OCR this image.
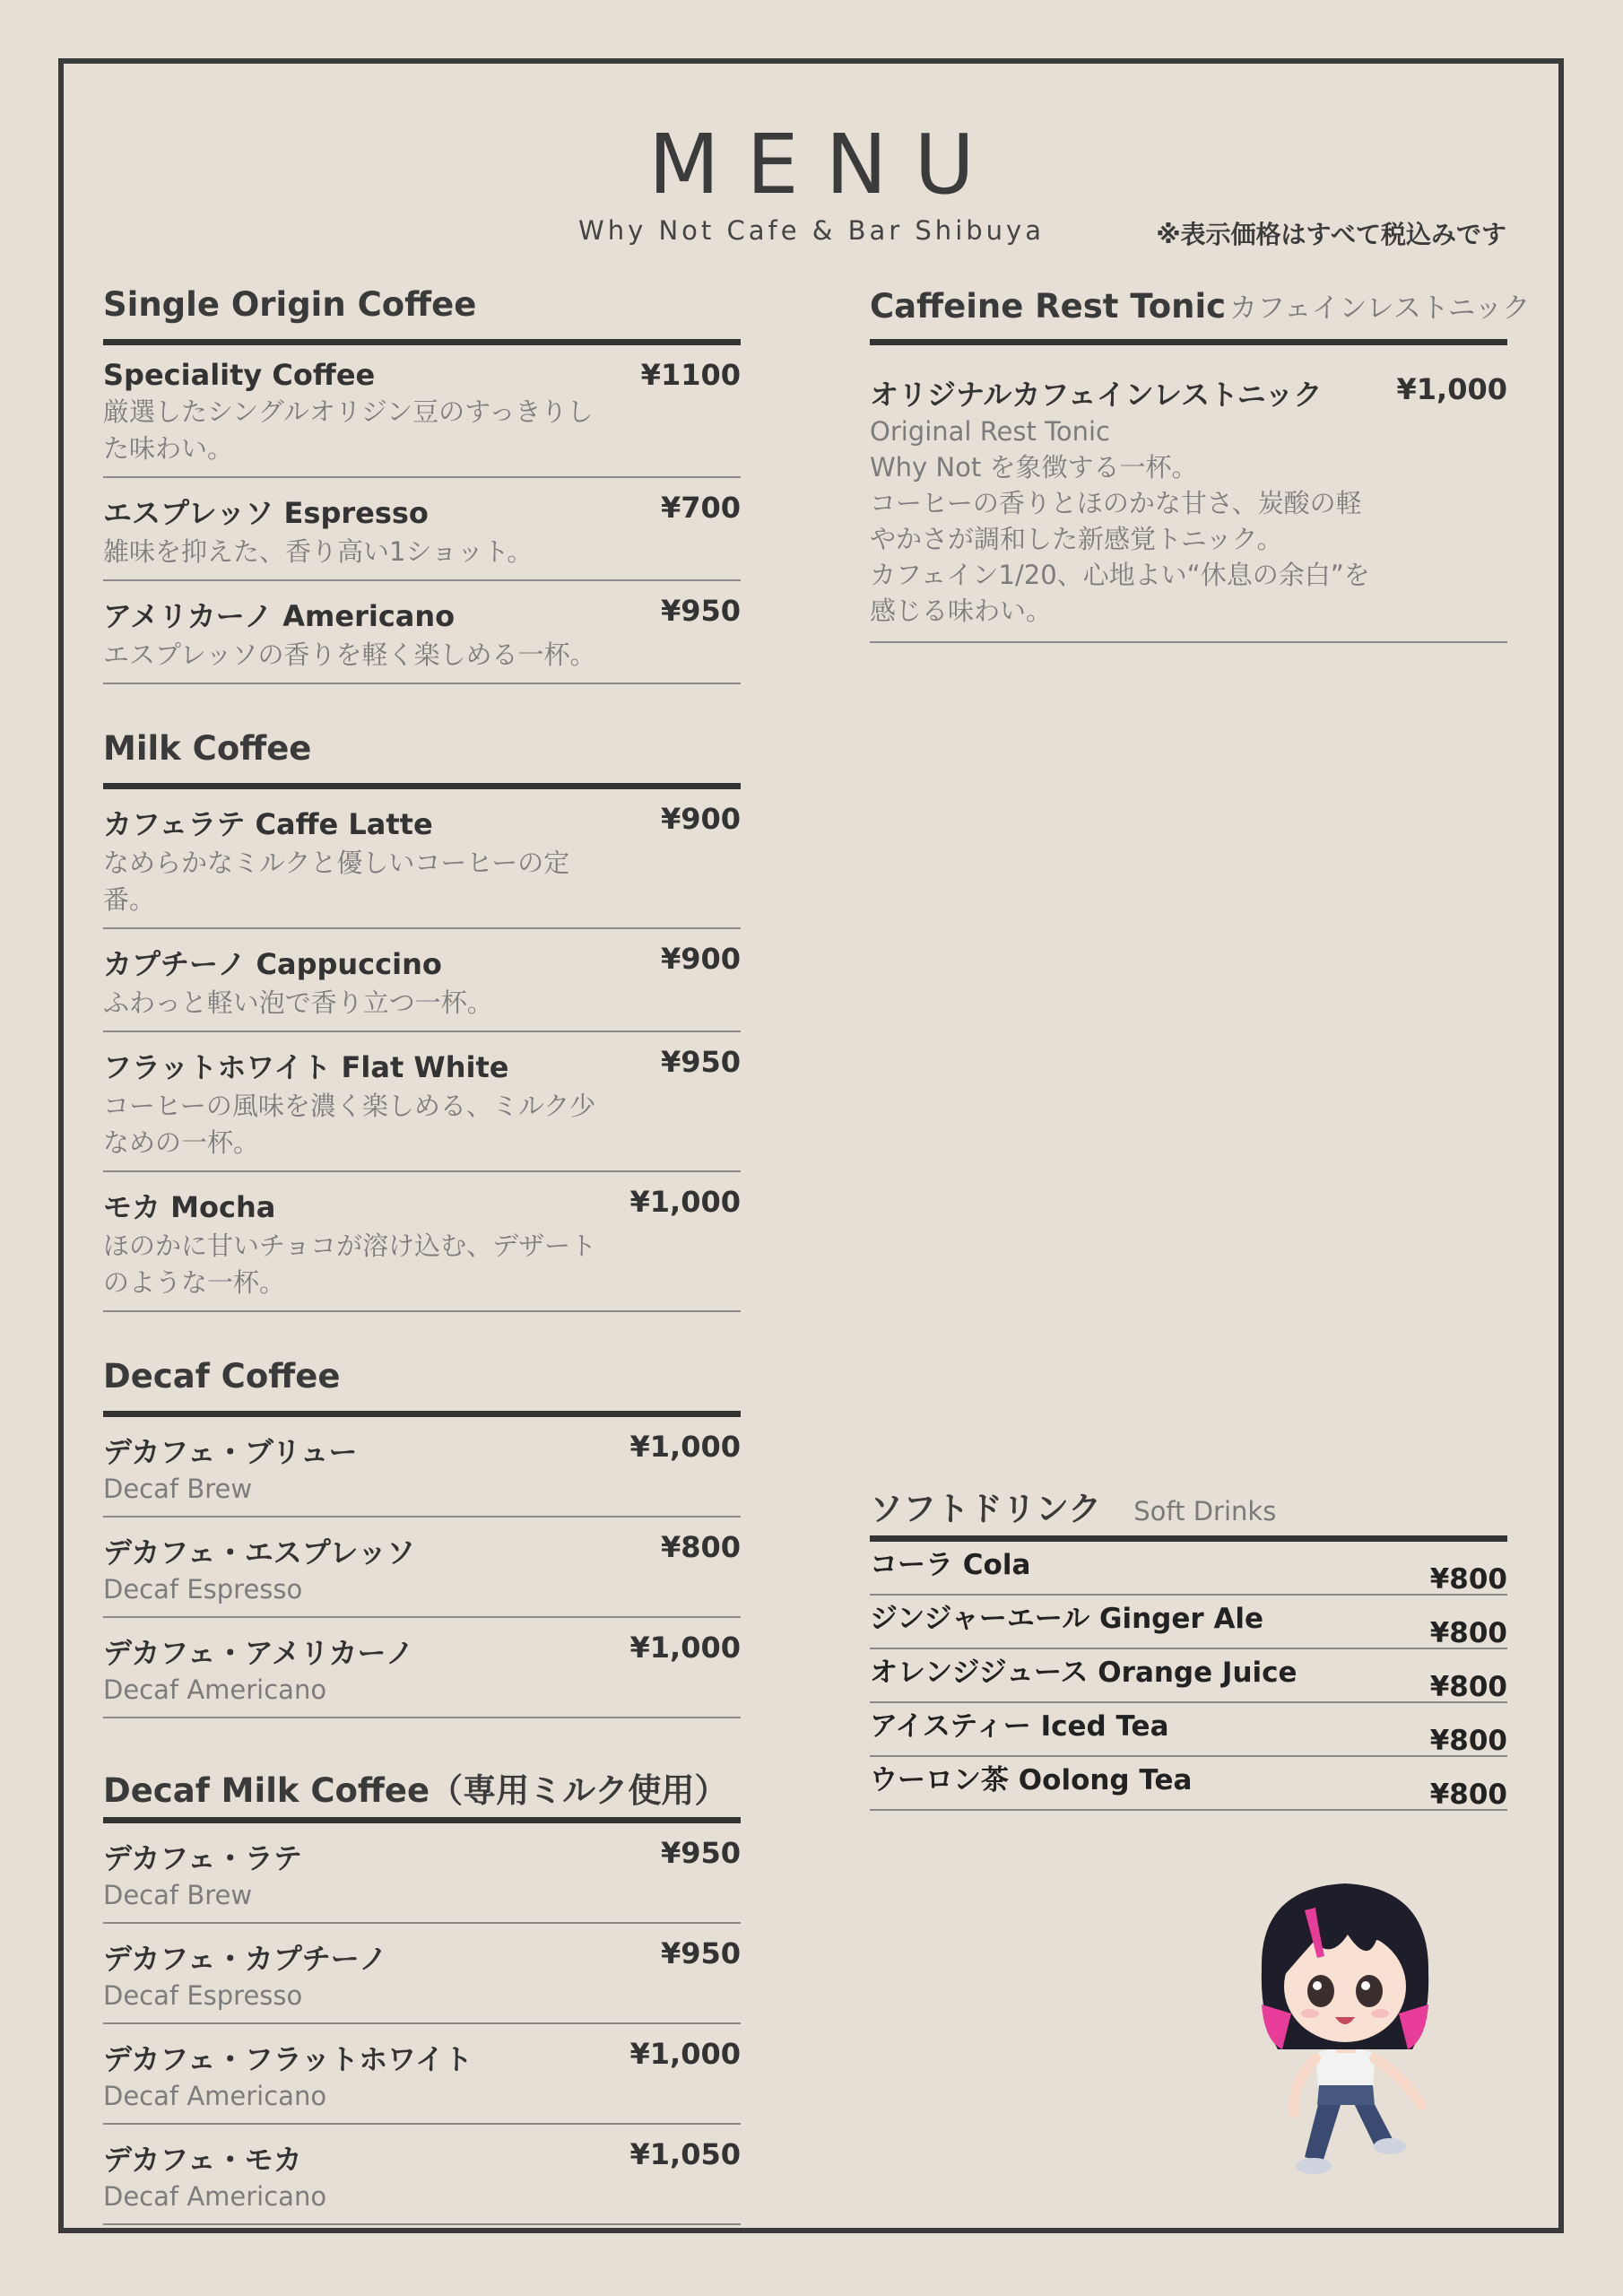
MENU
Why Not Cafe & Bar Shibuya	※表示価格はすべて税込みです
Single Origin Coffee
Speciality Coffee	¥1100
厳選したシングルオリジン豆のすっきりした味わい。
エスプレッソ Espresso	¥700
雑味を抑えた、香り高い1ショット。
アメリカーノ Americano	¥950
エスプレッソの香りを軽く楽しめる一杯。
Milk Coffee
カフェラテ Caffe Latte	¥900
なめらかなミルクと優しいコーヒーの定番。
カプチーノ Cappuccino	¥900
ふわっと軽い泡で香り立つ一杯。
フラットホワイト Flat White	¥950
コーヒーの風味を濃く楽しめる、ミルク少なめの一杯。
モカ Mocha	¥1,000
ほのかに甘いチョコが溶け込む、デザートのような一杯。
Decaf Coffee
デカフェ・ブリュー	¥1,000
Decaf Brew
デカフェ・エスプレッソ	¥800
Decaf Espresso
デカフェ・アメリカーノ	¥1,000
Decaf Americano
Decaf Milk Coffee（専用ミルク使用）
デカフェ・ラテ	¥950
Decaf Brew
デカフェ・カプチーノ	¥950
Decaf Espresso
デカフェ・フラットホワイト	¥1,000
Decaf Americano
デカフェ・モカ	¥1,050
Decaf Americano
Caffeine Rest Tonic カフェインレストニック
オリジナルカフェインレストニック	¥1,000
Original Rest Tonic
Why Not を象徴する一杯。
コーヒーの香りとほのかな甘さ、炭酸の軽
やかさが調和した新感覚トニック。
カフェイン1/20、心地よい“休息の余白”を
感じる味わい。
ソフトドリンク Soft Drinks
コーラ Cola	¥800
ジンジャーエール Ginger Ale	¥800
オレンジジュース Orange Juice	¥800
アイスティー Iced Tea	¥800
ウーロン茶 Oolong Tea	¥800
